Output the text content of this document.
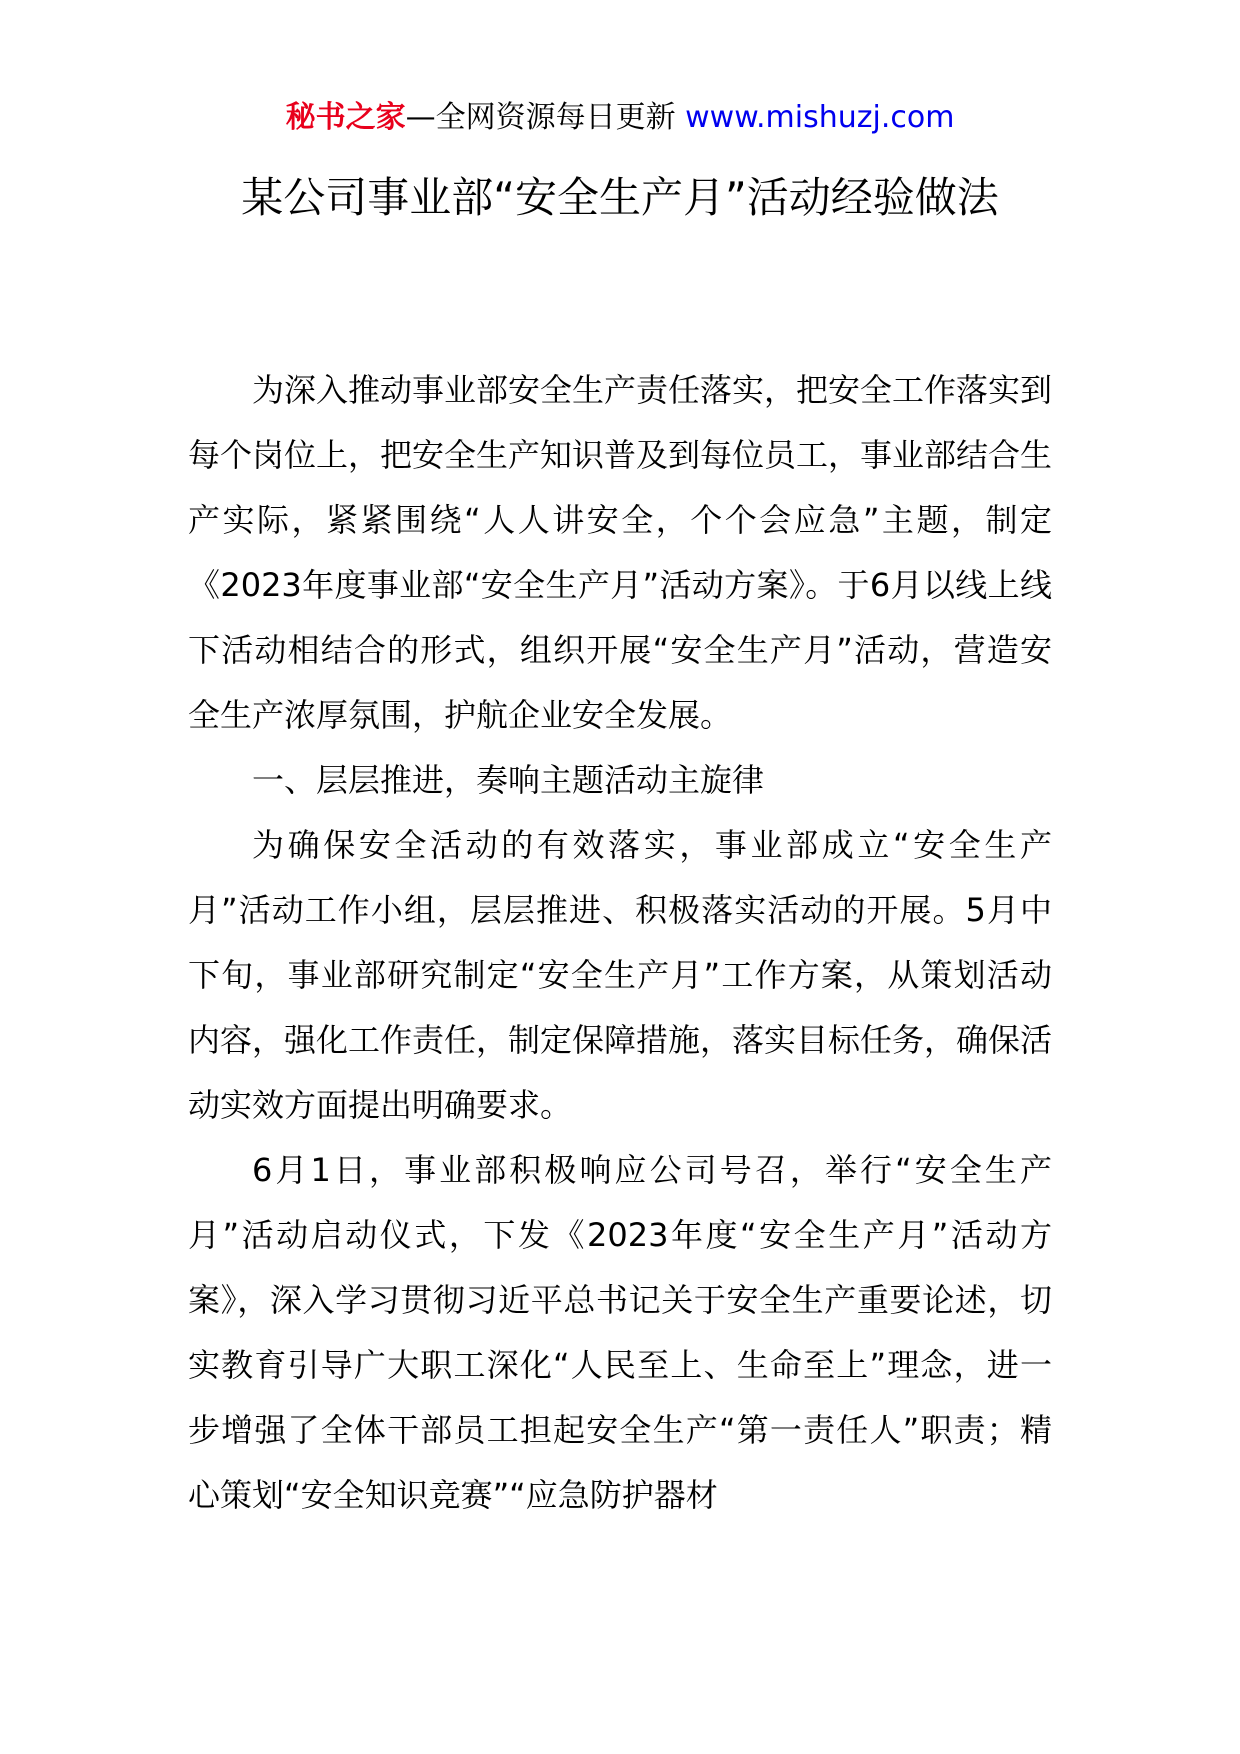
秘书之家—全网资源每日更新 www.mishuzj.com
某公司事业部“安全生产月”活动经验做法

为深入推动事业部安全生产责任落实，把安全工作落实到每个岗位上，把安全生产知识普及到每位员工，事业部结合生产实际，紧紧围绕“人人讲安全，个个会应急”主题，制定《2023年度事业部“安全生产月”活动方案》。于6月以线上线下活动相结合的形式，组织开展“安全生产月”活动，营造安全生产浓厚氛围，护航企业安全发展。

一、层层推进，奏响主题活动主旋律

为确保安全活动的有效落实，事业部成立“安全生产月”活动工作小组，层层推进、积极落实活动的开展。5月中下旬，事业部研究制定“安全生产月”工作方案，从策划活动内容，强化工作责任，制定保障措施，落实目标任务，确保活动实效方面提出明确要求。

6月1日，事业部积极响应公司号召，举行“安全生产月”活动启动仪式，下发《2023年度“安全生产月”活动方案》，深入学习贯彻习近平总书记关于安全生产重要论述，切实教育引导广大职工深化“人民至上、生命至上”理念，进一步增强了全体干部员工担起安全生产“第一责任人”职责；精心策划“安全知识竞赛”“应急防护器材
